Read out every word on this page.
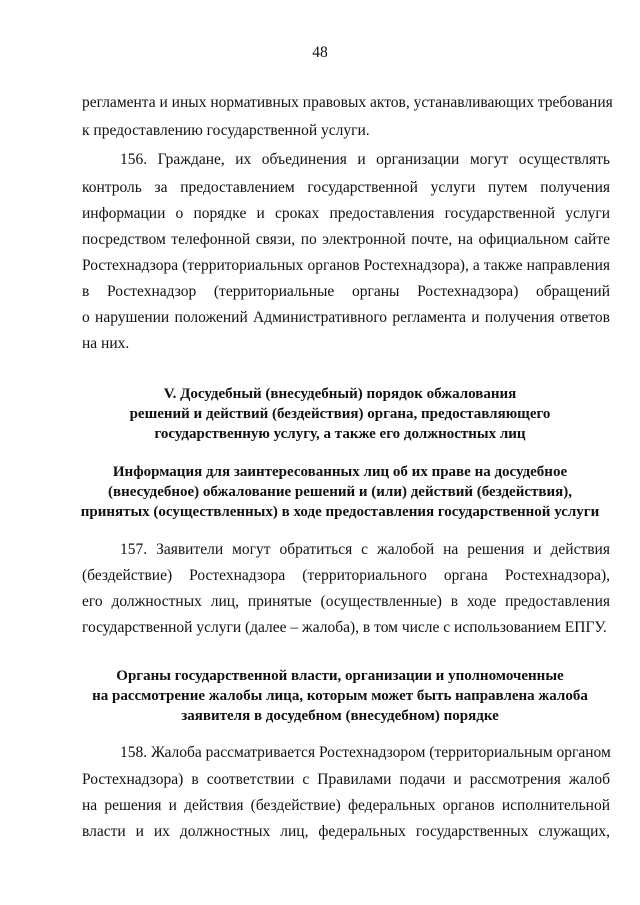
48
регламента и иных нормативных правовых актов, устанавливающих требования
к предоставлению государственной услуги.
156. Граждане, их объединения и организации могут осуществлять
контроль за предоставлением государственной услуги путем получения
информации о порядке и сроках предоставления государственной услуги
посредством телефонной связи, по электронной почте, на официальном сайте
Ростехнадзора (территориальных органов Ростехнадзора), а также направления
в Ростехнадзор (территориальные органы Ростехнадзора) обращений
о нарушении положений Административного регламента и получения ответов
на них.
V. Досудебный (внесудебный) порядок обжалования
решений и действий (бездействия) органа, предоставляющего
государственную услугу, а также его должностных лиц
Информация для заинтересованных лиц об их праве на досудебное
(внесудебное) обжалование решений и (или) действий (бездействия),
принятых (осуществленных) в ходе предоставления государственной услуги
157. Заявители могут обратиться с жалобой на решения и действия
(бездействие) Ростехнадзора (территориального органа Ростехнадзора),
его должностных лиц, принятые (осуществленные) в ходе предоставления
государственной услуги (далее – жалоба), в том числе с использованием ЕПГУ.
Органы государственной власти, организации и уполномоченные
на рассмотрение жалобы лица, которым может быть направлена жалоба
заявителя в досудебном (внесудебном) порядке
158. Жалоба рассматривается Ростехнадзором (территориальным органом
Ростехнадзора) в соответствии с Правилами подачи и рассмотрения жалоб
на решения и действия (бездействие) федеральных органов исполнительной
власти и их должностных лиц, федеральных государственных служащих,
